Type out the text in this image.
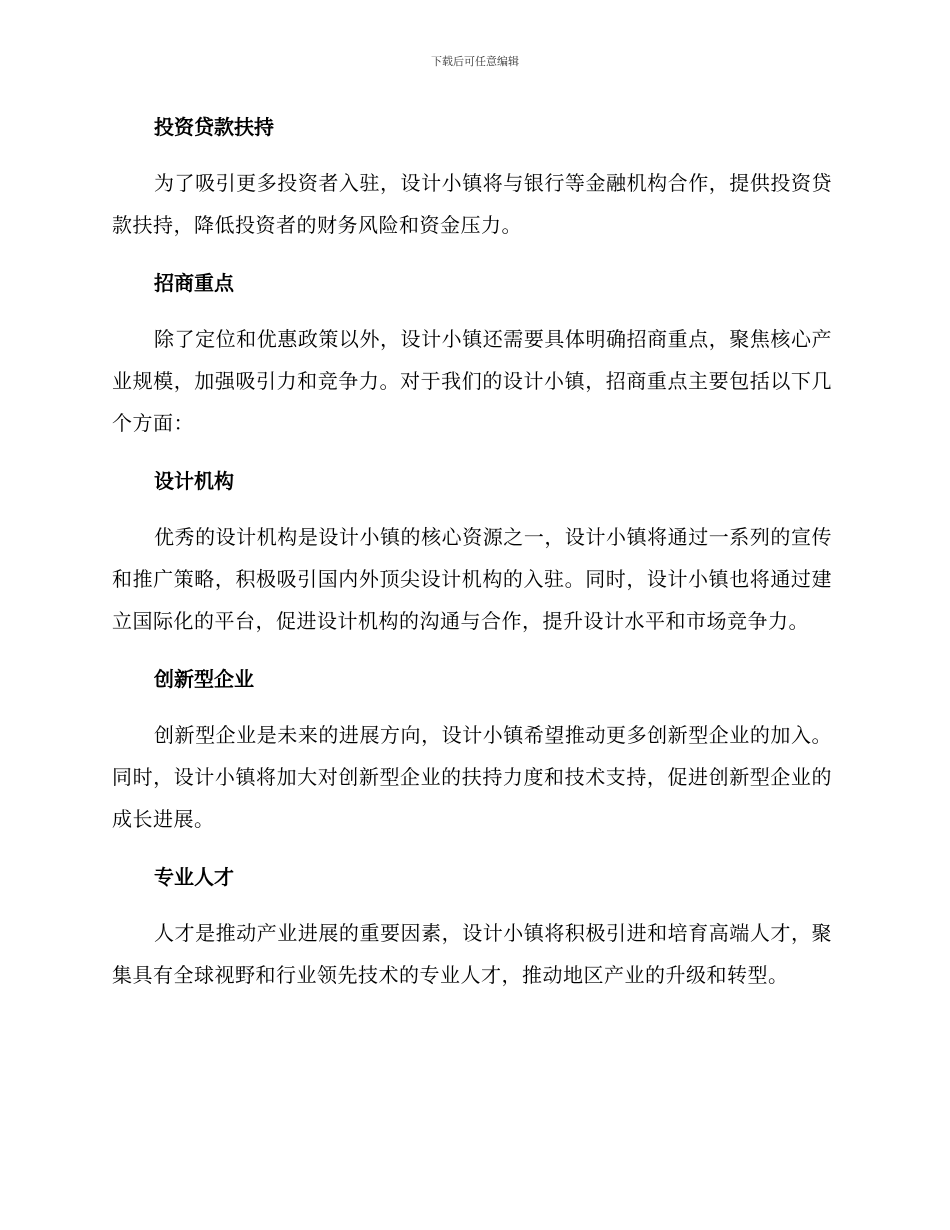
下载后可任意编辑
投资贷款扶持

为了吸引更多投资者入驻，设计小镇将与银行等金融机构合作，提供投资贷款扶持，降低投资者的财务风险和资金压力。

招商重点

除了定位和优惠政策以外，设计小镇还需要具体明确招商重点，聚焦核心产业规模，加强吸引力和竞争力。对于我们的设计小镇，招商重点主要包括以下几个方面：

设计机构

优秀的设计机构是设计小镇的核心资源之一，设计小镇将通过一系列的宣传和推广策略，积极吸引国内外顶尖设计机构的入驻。同时，设计小镇也将通过建立国际化的平台，促进设计机构的沟通与合作，提升设计水平和市场竞争力。

创新型企业

创新型企业是未来的进展方向，设计小镇希望推动更多创新型企业的加入。同时，设计小镇将加大对创新型企业的扶持力度和技术支持，促进创新型企业的成长进展。

专业人才

人才是推动产业进展的重要因素，设计小镇将积极引进和培育高端人才，聚集具有全球视野和行业领先技术的专业人才，推动地区产业的升级和转型。
